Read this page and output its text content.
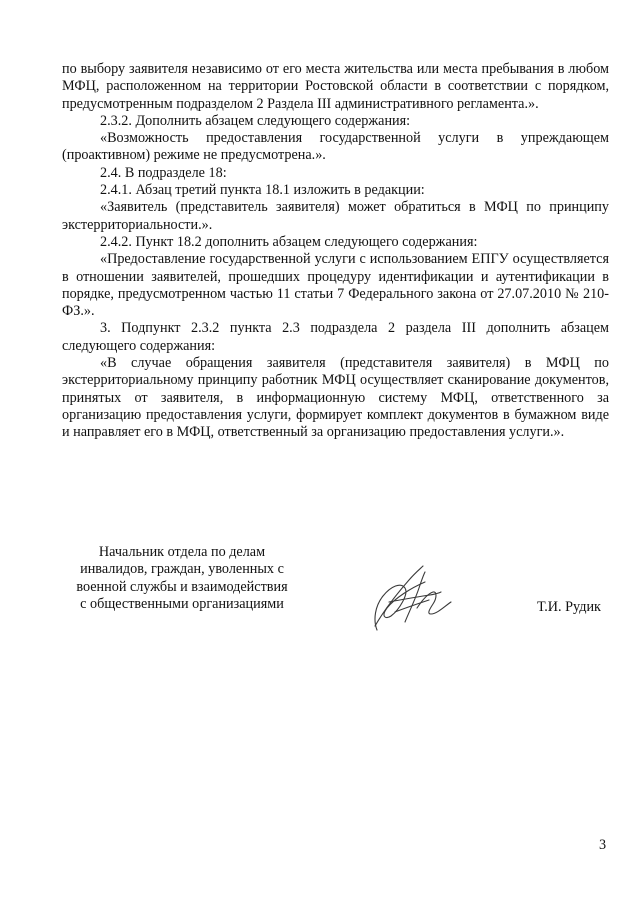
по выбору заявителя независимо от его места жительства или места пребывания в любом МФЦ, расположенном на территории Ростовской области в соответствии с порядком, предусмотренным подразделом 2 Раздела III административного регламента.».

2.3.2. Дополнить абзацем следующего содержания:

«Возможность предоставления государственной услуги в упреждающем (проактивном) режиме не предусмотрена.».

2.4. В подразделе 18:

2.4.1. Абзац третий пункта 18.1 изложить в редакции:

«Заявитель (представитель заявителя) может обратиться в МФЦ по принципу экстерриториальности.».

2.4.2. Пункт 18.2 дополнить абзацем следующего содержания:

«Предоставление государственной услуги с использованием ЕПГУ осуществляется в отношении заявителей, прошедших процедуру идентификации и аутентификации в порядке, предусмотренном частью 11 статьи 7 Федерального закона от 27.07.2010 № 210-ФЗ.».

3. Подпункт 2.3.2 пункта 2.3 подраздела 2 раздела III дополнить абзацем следующего содержания:

«В случае обращения заявителя (представителя заявителя) в МФЦ по экстерриториальному принципу работник МФЦ осуществляет сканирование документов, принятых от заявителя, в информационную систему МФЦ, ответственного за организацию предоставления услуги, формирует комплект документов в бумажном виде и направляет его в МФЦ, ответственный за организацию предоставления услуги.».

Начальник отдела по делам
инвалидов, граждан, уволенных с
военной службы и взаимодействия
с общественными организациями	Т.И. Рудик
3
